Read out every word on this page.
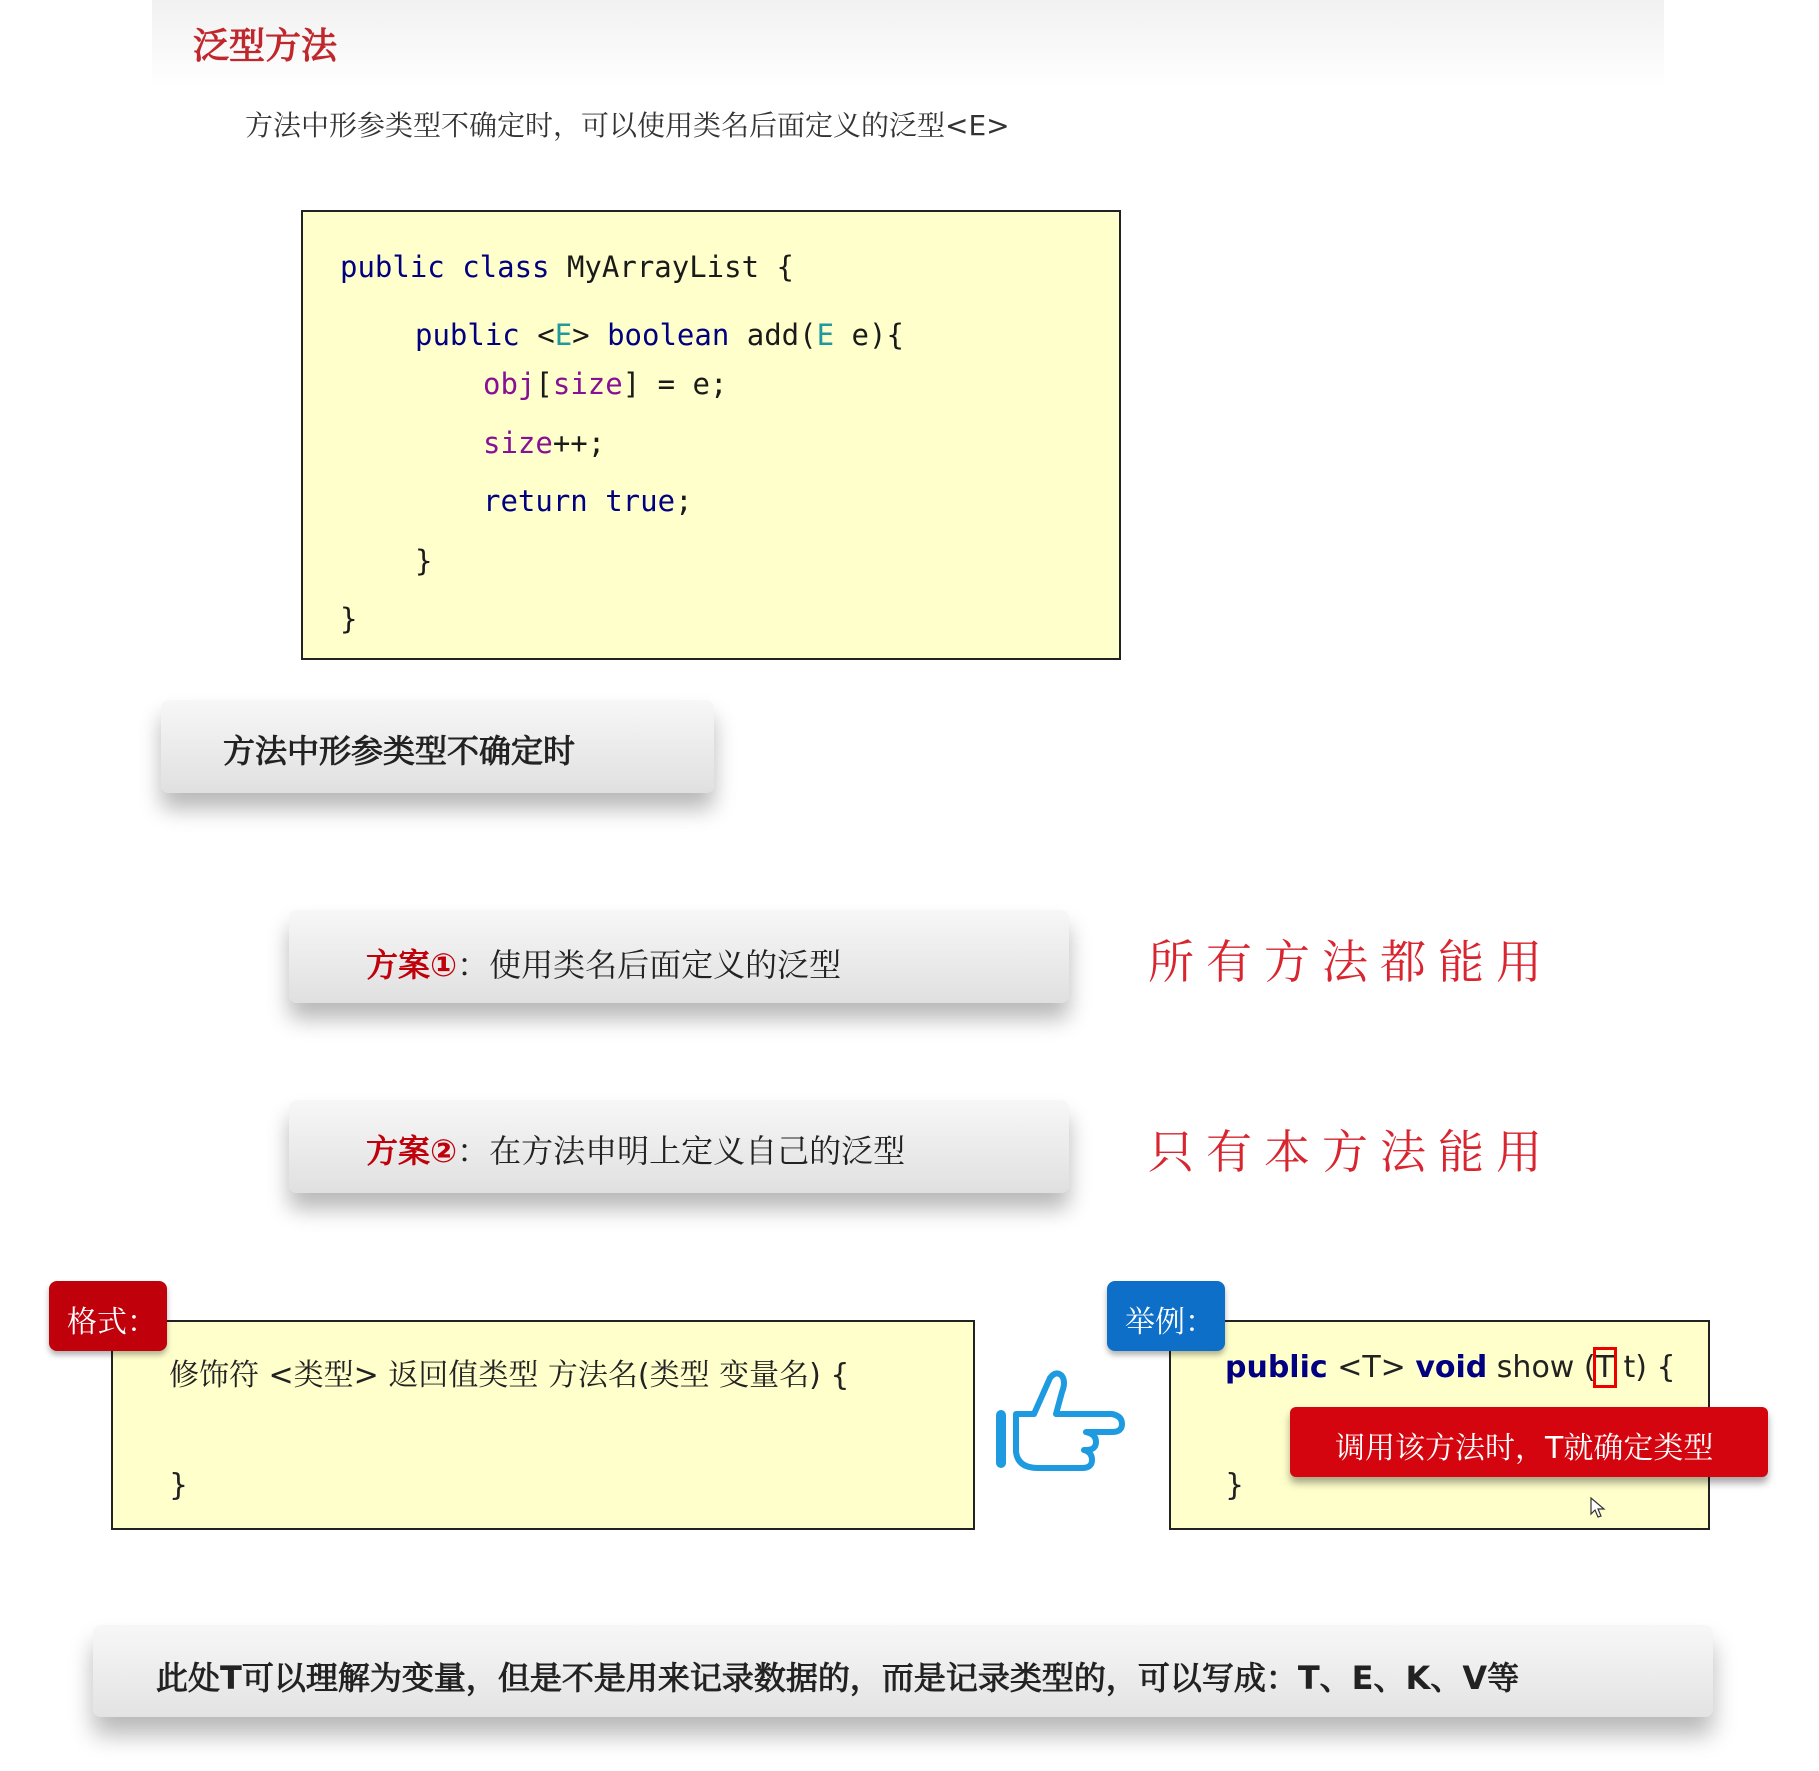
泛型方法
方法中形参类型不确定时，可以使用类名后面定义的泛型<E>
public class MyArrayList {
public <E> boolean add(E e){
obj[size] = e;
size++;
return true;
}
}
方法中形参类型不确定时
方案①：使用类名后面定义的泛型	所有方法都能用
方案②：在方法申明上定义自己的泛型	只有本方法能用
修饰符 <类型> 返回值类型 方法名(类型 变量名) {
}
格式：
public <T> void show (T t) {
}
举例：
调用该方法时，T就确定类型
此处T可以理解为变量，但是不是用来记录数据的，而是记录类型的，可以写成：T、E、K、V等
